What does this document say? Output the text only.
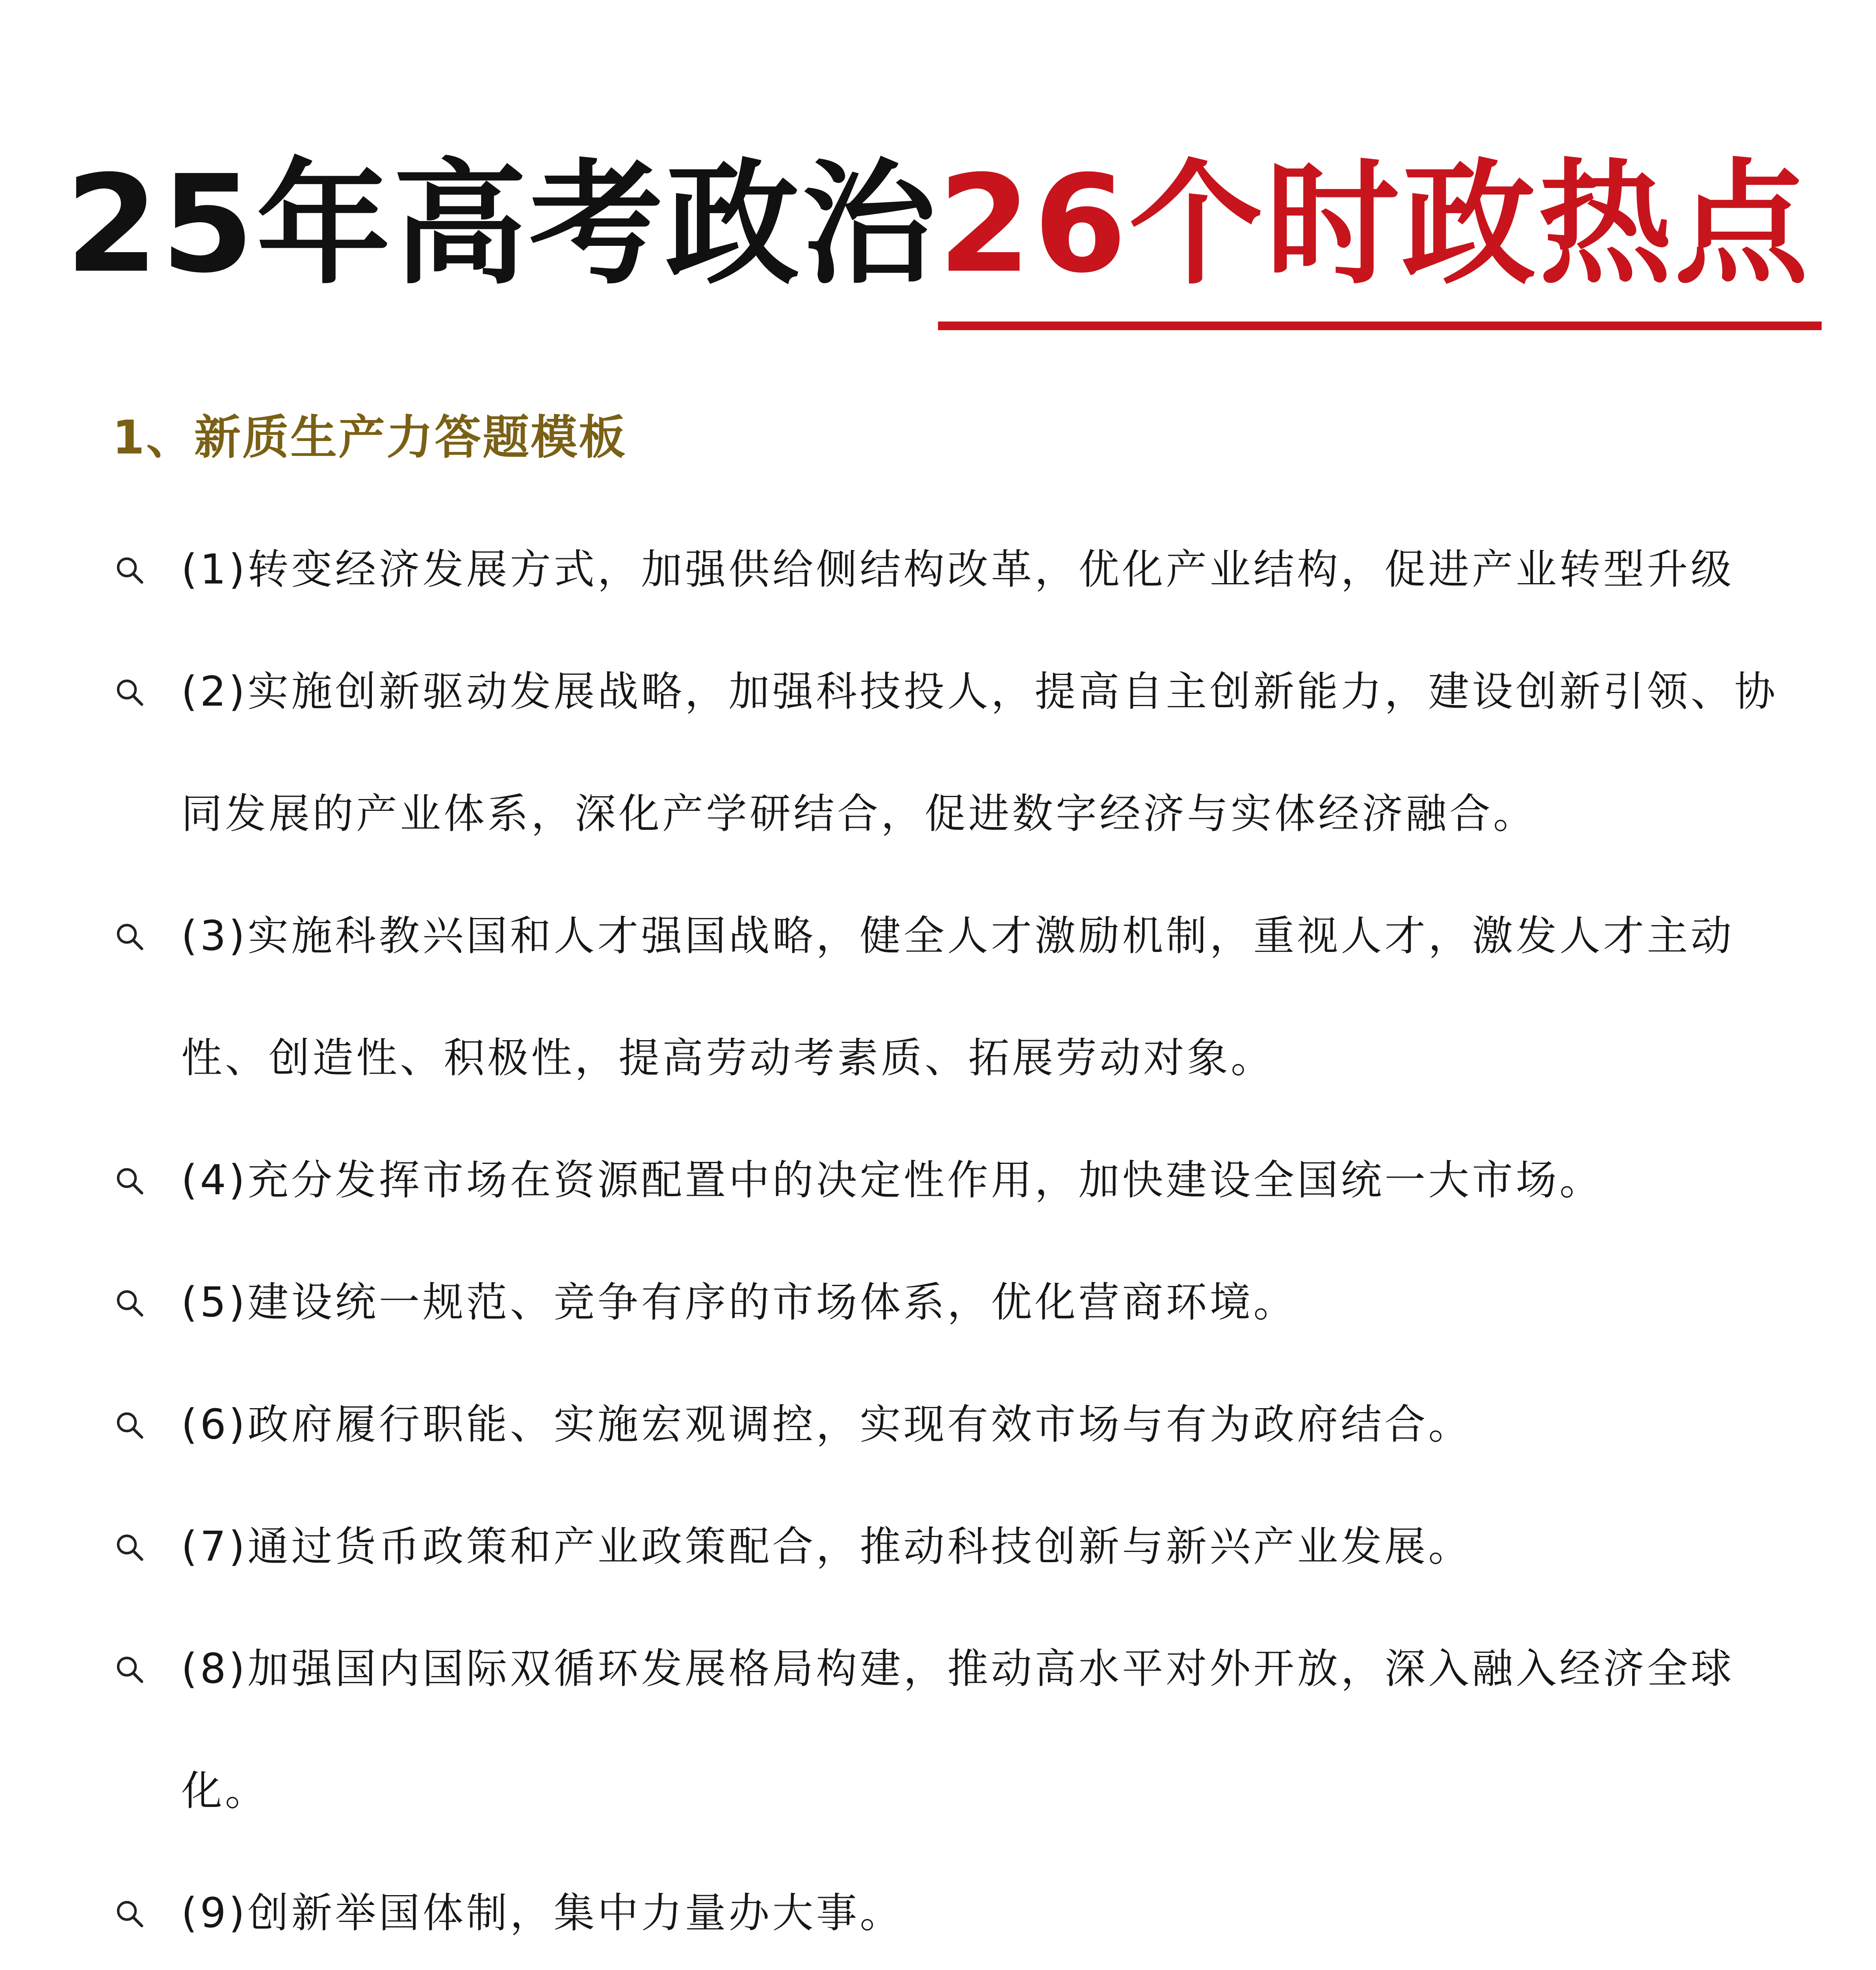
25年高考政治26个时政热点
1、新质生产力答题模板
(1)转变经济发展方式，加强供给侧结构改革，优化产业结构，促进产业转型升级
(2)实施创新驱动发展战略，加强科技投人，提高自主创新能力，建设创新引领、协同发展的产业体系，深化产学研结合，促进数字经济与实体经济融合。
(3)实施科教兴国和人才强国战略，健全人才激励机制，重视人才，激发人才主动性、创造性、积极性，提高劳动考素质、拓展劳动对象。
(4)充分发挥市场在资源配置中的决定性作用，加快建设全国统一大市场。
(5)建设统一规范、竞争有序的市场体系，优化营商环境。
(6)政府履行职能、实施宏观调控，实现有效市场与有为政府结合。
(7)通过货币政策和产业政策配合，推动科技创新与新兴产业发展。
(8)加强国内国际双循环发展格局构建，推动高水平对外开放，深入融入经济全球化。
(9)创新举国体制，集中力量办大事。
